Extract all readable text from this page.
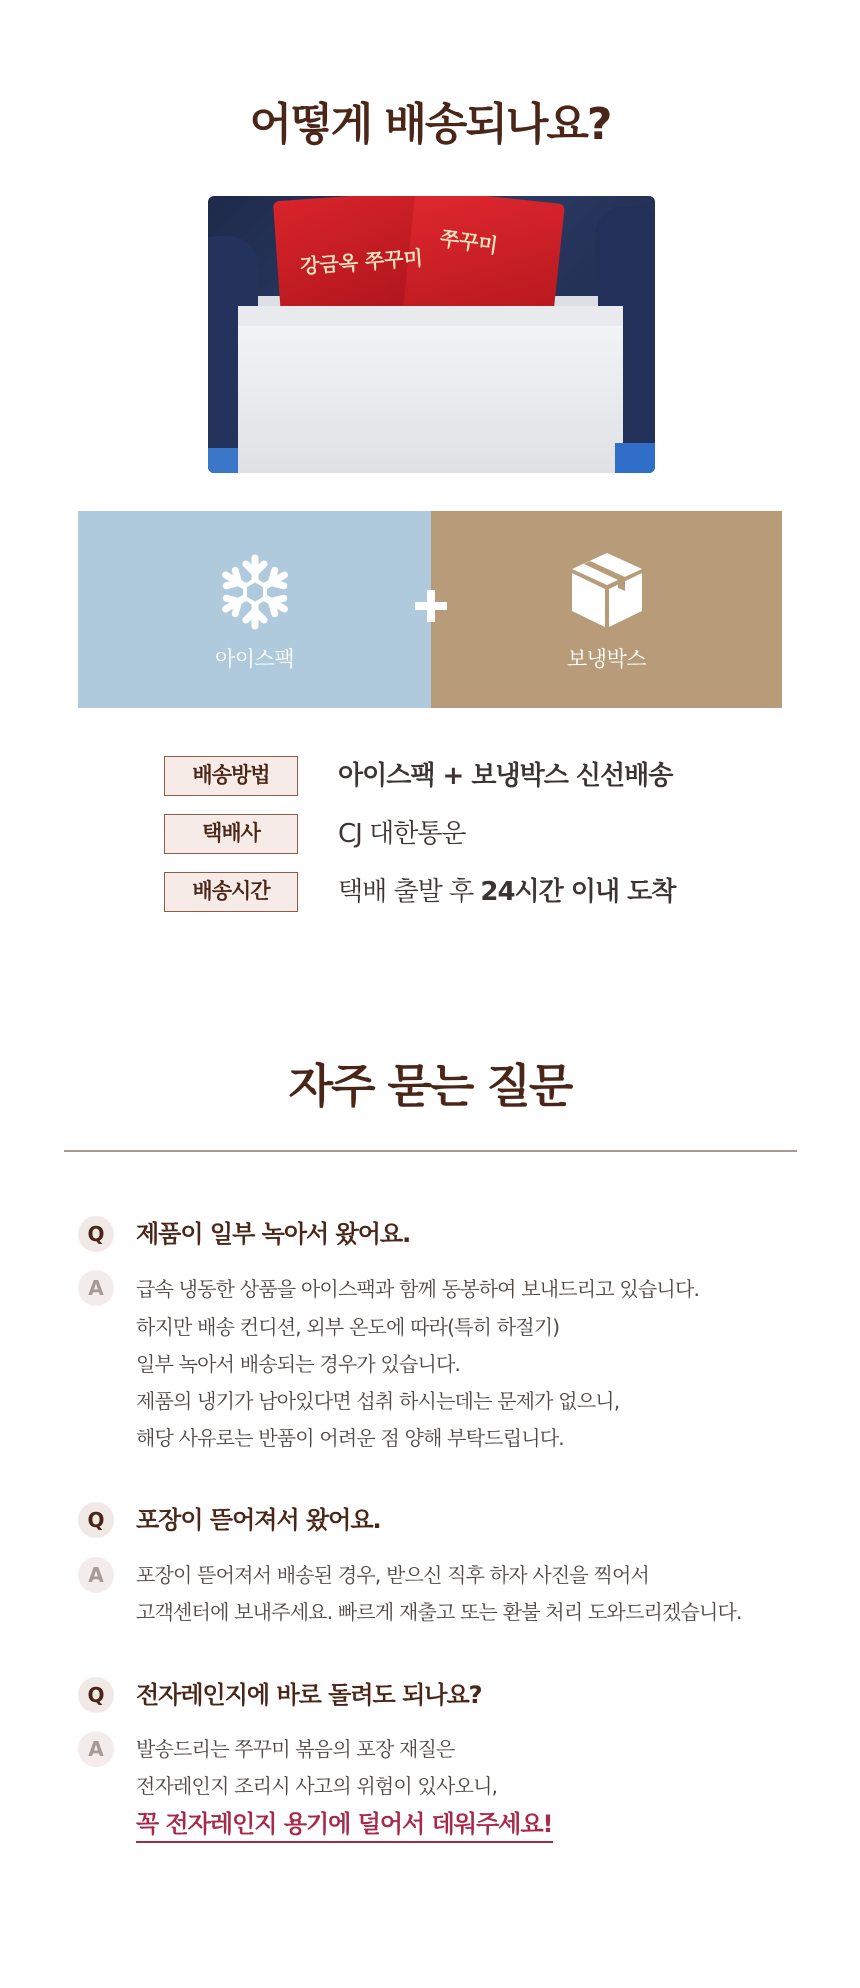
어떻게 배송되나요?
강금옥 쭈꾸미
쭈꾸미
아이스팩	보냉박스
배송방법	아이스팩 + 보냉박스 신선배송
택배사	CJ 대한통운
배송시간	택배 출발 후 24시간 이내 도착
자주 묻는 질문
Q	제품이 일부 녹아서 왔어요.
A	급속 냉동한 상품을 아이스팩과 함께 동봉하여 보내드리고 있습니다.
하지만 배송 컨디션, 외부 온도에 따라(특히 하절기)
일부 녹아서 배송되는 경우가 있습니다.
제품의 냉기가 남아있다면 섭취 하시는데는 문제가 없으니,
해당 사유로는 반품이 어려운 점 양해 부탁드립니다.
Q	포장이 뜯어져서 왔어요.
A	포장이 뜯어져서 배송된 경우, 받으신 직후 하자 사진을 찍어서
고객센터에 보내주세요. 빠르게 재출고 또는 환불 처리 도와드리겠습니다.
Q	전자레인지에 바로 돌려도 되나요?
A	발송드리는 쭈꾸미 볶음의 포장 재질은
전자레인지 조리시 사고의 위험이 있사오니,
꼭 전자레인지 용기에 덜어서 데워주세요!
